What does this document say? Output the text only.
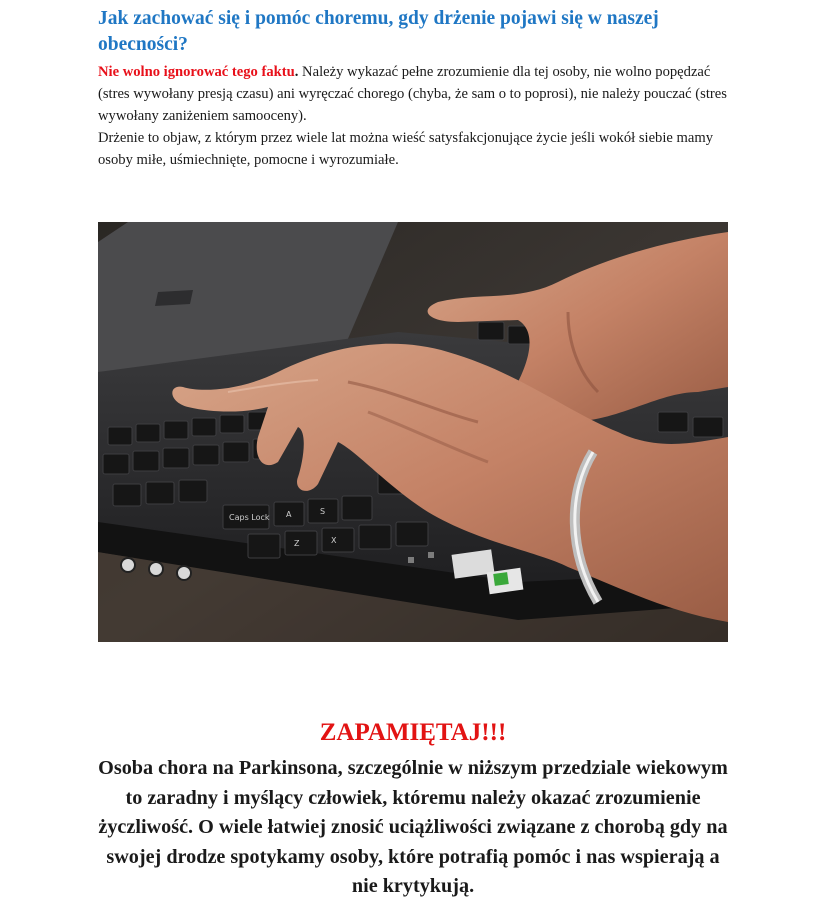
Jak zachować się i pomóc choremu, gdy drżenie pojawi się w naszej obecności?

Nie wolno ignorować tego faktu. Należy wykazać pełne zrozumienie dla tej osoby, nie wolno popędzać (stres wywołany presją czasu) ani wyręczać chorego (chyba, że sam o to poprosi), nie należy pouczać (stres wywołany zaniżeniem samooceny).
Drżenie to objaw, z którym przez wiele lat można wieść satysfakcjonujące życie jeśli wokół siebie mamy osoby miłe, uśmiechnięte, pomocne i wyrozumiałe.

Caps Lock A	S
Z	X
ZAPAMIĘTAJ!!!
Osoba chora na Parkinsona, szczególnie w niższym przedziale wiekowym to zaradny i myślący człowiek, któremu należy okazać zrozumienie życzliwość. O wiele łatwiej znosić uciążliwości związane z chorobą gdy na swojej drodze spotykamy osoby, które potrafią pomóc i nas wspierają a nie krytykują.
